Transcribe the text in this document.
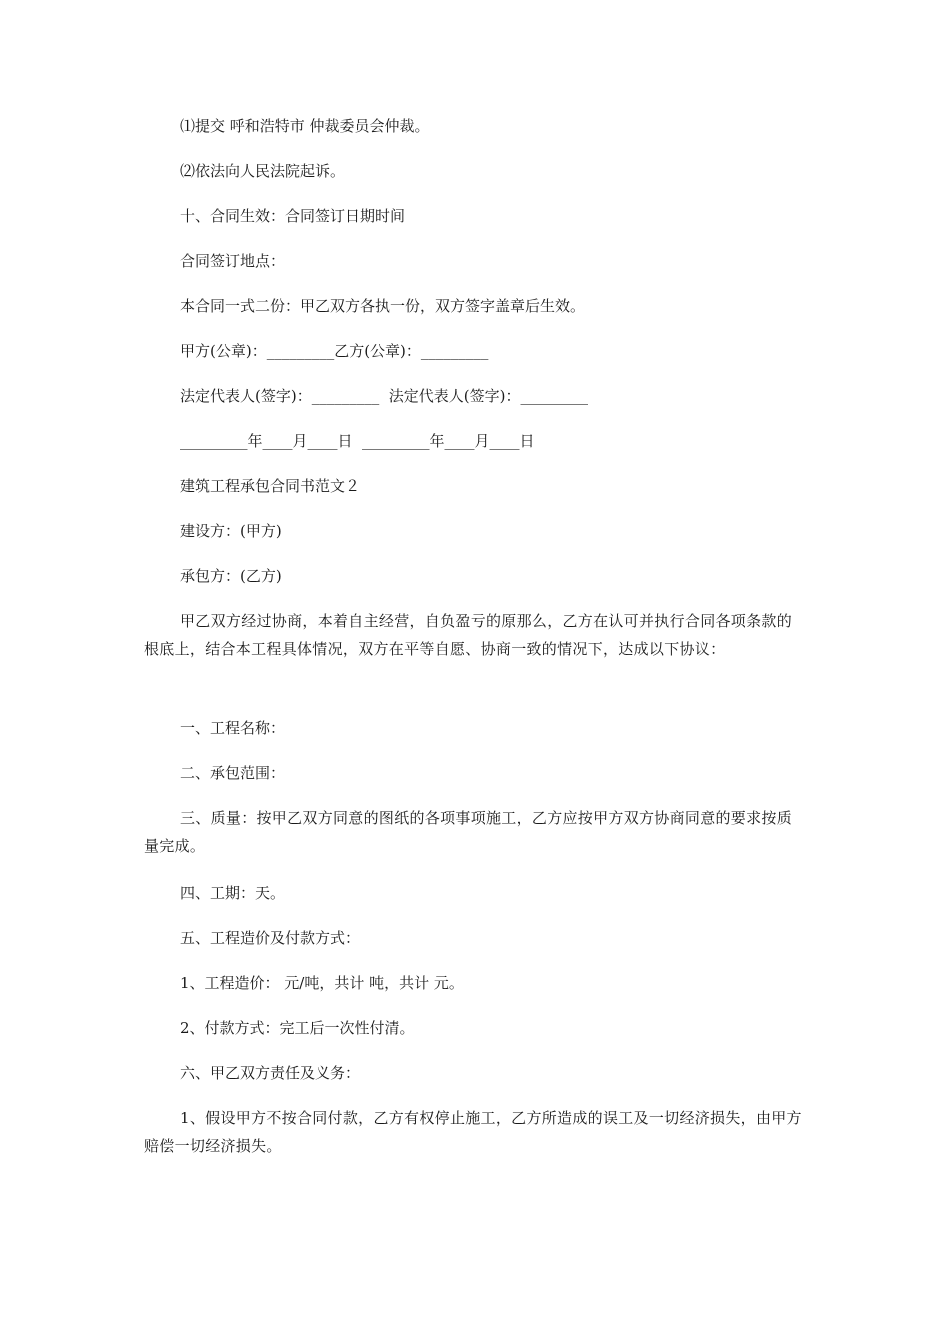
⑴提交 呼和浩特市 仲裁委员会仲裁。

⑵依法向人民法院起诉。

十、合同生效：合同签订日期时间

合同签订地点：

本合同一式二份：甲乙双方各执一份，双方签字盖章后生效。

甲方(公章)：_________乙方(公章)：_________

法定代表人(签字)：_________  法定代表人(签字)：_________

_________年____月____日  _________年____月____日

建筑工程承包合同书范文２

建设方：(甲方)

承包方：(乙方)

甲乙双方经过协商，本着自主经营，自负盈亏的原那么，乙方在认可并执行合同各项条款的根底上，结合本工程具体情况，双方在平等自愿、协商一致的情况下，达成以下协议：

一、工程名称：

二、承包范围：

三、质量：按甲乙双方同意的图纸的各项事项施工，乙方应按甲方双方协商同意的要求按质量完成。

四、工期：天。

五、工程造价及付款方式：

1、工程造价： 元/吨，共计 吨，共计 元。

2、付款方式：完工后一次性付清。

六、甲乙双方责任及义务：

1、假设甲方不按合同付款，乙方有权停止施工，乙方所造成的误工及一切经济损失，由甲方赔偿一切经济损失。
